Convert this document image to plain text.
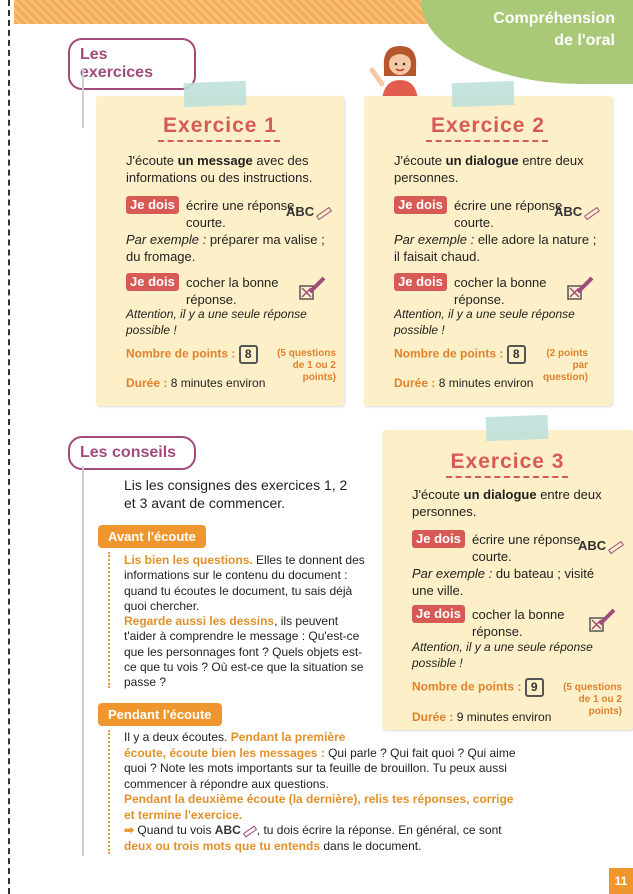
Compréhension
de l'oral
Les exercices
Exercice 1
J'écoute un message avec des
informations ou des instructions.
Je dois écrire une réponse
courte.
ABC
Par exemple : préparer ma valise ;
du fromage.
Je dois cocher la bonne
réponse.
Attention, il y a une seule réponse
possible !
Nombre de points : 8	(5 questions
de 1 ou 2 points)
Durée : 8 minutes environ
Exercice 2
J'écoute un dialogue entre deux
personnes.
Je dois écrire une réponse
courte.
ABC
Par exemple : elle adore la nature ;
il faisait chaud.
Je dois cocher la bonne
réponse.
Attention, il y a une seule réponse
possible !
Nombre de points : 8	(2 points
par question)
Durée : 8 minutes environ
Les conseils
Lis les consignes des exercices 1, 2
et 3 avant de commencer.
Exercice 3
J'écoute un dialogue entre deux
personnes.
Je dois écrire une réponse
courte.
ABC
Par exemple : du bateau ; visité
une ville.
Je dois cocher la bonne
réponse.
Attention, il y a une seule réponse
possible !
Nombre de points : 9	(5 questions
de 1 ou 2 points)
Durée : 9 minutes environ
Avant l'écoute
Lis bien les questions. Elles te donnent des
informations sur le contenu du document :
quand tu écoutes le document, tu sais déjà
quoi chercher.
Regarde aussi les dessins, ils peuvent
t'aider à comprendre le message : Qu'est-ce
que les personnages font ? Quels objets est-
ce que tu vois ? Où est-ce que la situation se
passe ?
Pendant l'écoute
Il y a deux écoutes. Pendant la première
écoute, écoute bien les messages : Qui parle ? Qui fait quoi ? Qui aime
quoi ? Note les mots importants sur ta feuille de brouillon. Tu peux aussi
commencer à répondre aux questions.
Pendant la deuxième écoute (la dernière), relis tes réponses, corrige
et termine l'exercice.
➡ Quand tu vois ABC , tu dois écrire la réponse. En général, ce sont
deux ou trois mots que tu entends dans le document.
11
